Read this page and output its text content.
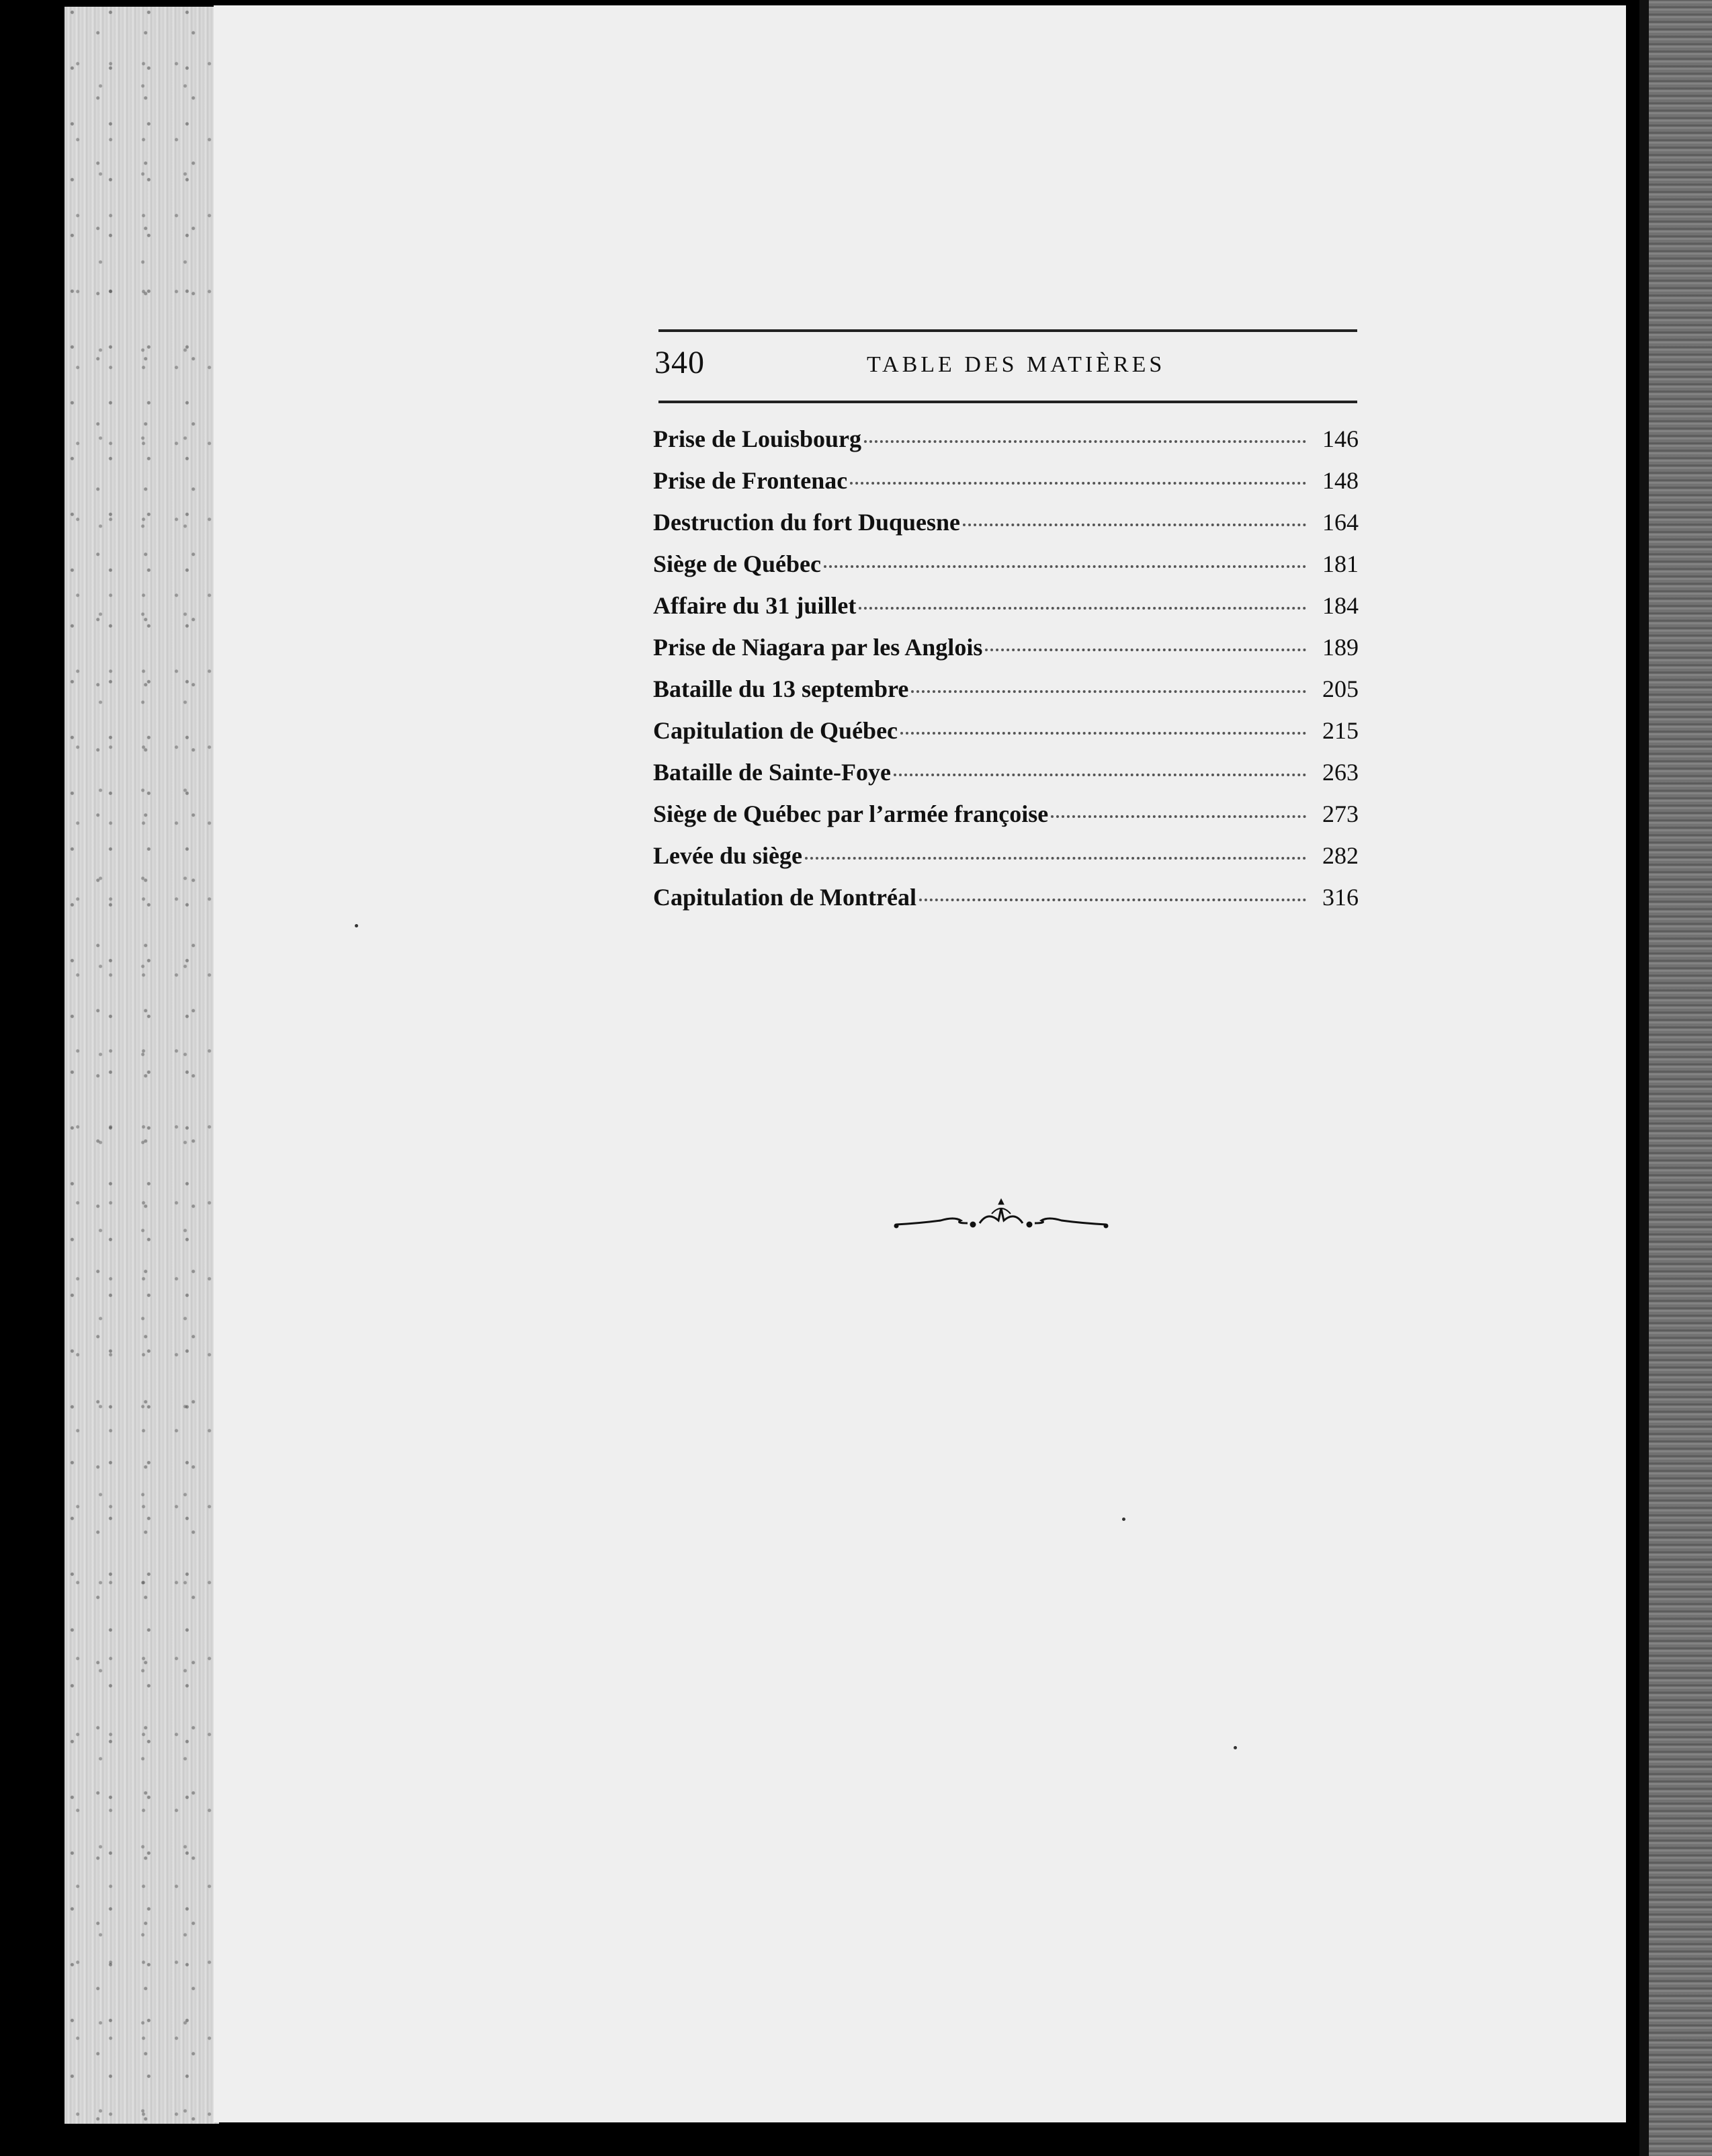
340	TABLE DES MATIÈRES
Prise de Louisbourg	146
Prise de Frontenac	148
Destruction du fort Duquesne	164
Siège de Québec	181
Affaire du 31 juillet	184
Prise de Niagara par les Anglois	189
Bataille du 13 septembre	205
Capitulation de Québec	215
Bataille de Sainte-Foye	263
Siège de Québec par l’armée françoise	273
Levée du siège	282
Capitulation de Montréal	316
